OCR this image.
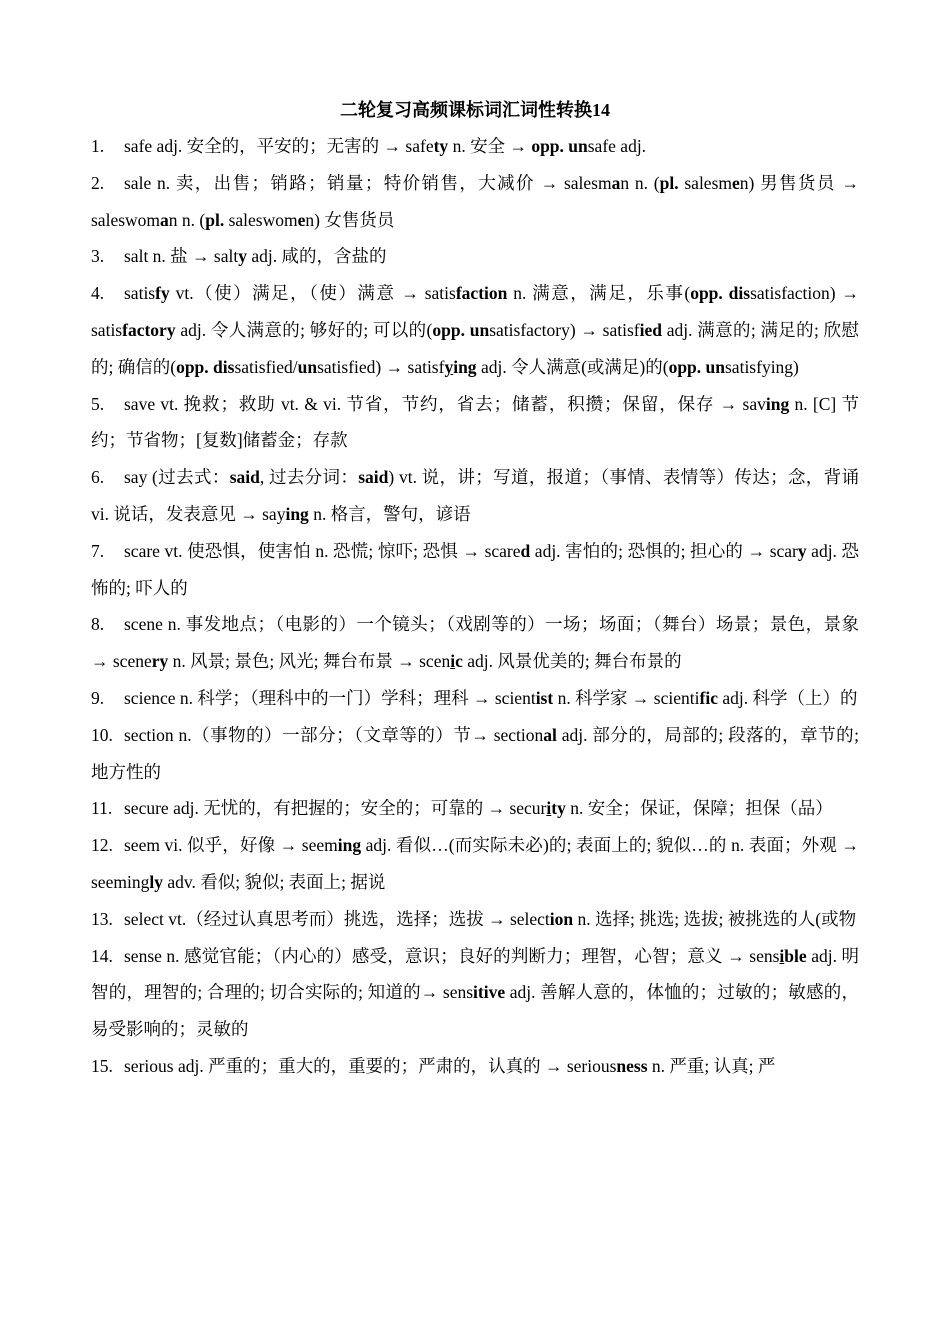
二轮复习高频课标词汇词性转换14

1. safe adj. 安全的，平安的；无害的 → safety n. 安全 → opp. unsafe adj.

2. sale n. 卖，出售；销路；销量；特价销售，大减价 → salesman n. (pl. salesmen) 男售货员 → saleswoman n. (pl. saleswomen) 女售货员

3. salt n. 盐 → salty adj. 咸的，含盐的

4. satisfy vt.（使）满足，（使）满意 → satisfaction n. 满意，满足，乐事(opp. dissatisfaction) → satisfactory adj. 令人满意的; 够好的; 可以的(opp. unsatisfactory) → satisfied adj. 满意的; 满足的; 欣慰的; 确信的(opp. dissatisfied/unsatisfied) → satisfying adj. 令人满意(或满足)的(opp. unsatisfying)

5. save vt. 挽救；救助 vt. & vi. 节省，节约，省去；储蓄，积攒；保留，保存 → saving n. [C] 节约；节省物；[复数]储蓄金；存款

6. say (过去式：said, 过去分词：said) vt. 说，讲；写道，报道；（事情、表情等）传达；念，背诵 vi. 说话，发表意见 → saying n. 格言，警句，谚语

7. scare vt. 使恐惧，使害怕 n. 恐慌; 惊吓; 恐惧 → scared adj. 害怕的; 恐惧的; 担心的 → scary adj. 恐怖的; 吓人的

8. scene n. 事发地点；（电影的）一个镜头；（戏剧等的）一场；场面；（舞台）场景；景色，景象 → scenery n. 风景; 景色; 风光; 舞台布景 → scenic adj. 风景优美的; 舞台布景的

9. science n. 科学；（理科中的一门）学科；理科 → scientist n. 科学家 → scientific adj. 科学（上）的

10. section n.（事物的）一部分；（文章等的）节→ sectional adj. 部分的，局部的; 段落的，章节的; 地方性的

11. secure adj. 无忧的，有把握的；安全的；可靠的 → security n. 安全；保证，保障；担保（品）

12. seem vi. 似乎，好像 → seeming adj. 看似…(而实际未必)的; 表面上的; 貌似…的 n. 表面；外观 → seemingly adv. 看似; 貌似; 表面上; 据说

13. select vt.（经过认真思考而）挑选，选择；选拔 → selection n. 选择; 挑选; 选拔; 被挑选的人(或物

14. sense n. 感觉官能；（内心的）感受，意识；良好的判断力；理智，心智；意义 → sensible adj. 明智的，理智的; 合理的; 切合实际的; 知道的→ sensitive adj. 善解人意的，体恤的；过敏的；敏感的，易受影响的；灵敏的

15. serious adj. 严重的；重大的，重要的；严肃的，认真的 → seriousness n. 严重; 认真; 严
